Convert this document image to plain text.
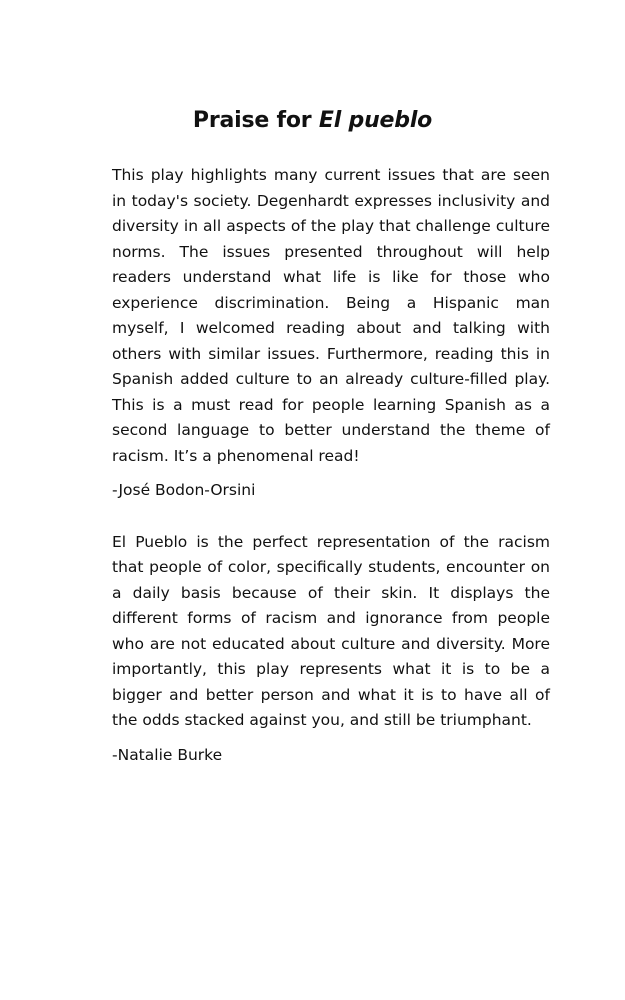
Praise for El pueblo

This play highlights many current issues that are seen in today's society. Degenhardt expresses inclusivity and diversity in all aspects of the play that challenge culture norms. The issues presented throughout will help readers understand what life is like for those who experience discrimination. Being a Hispanic man myself, I welcomed reading about and talking with others with similar issues. Furthermore, reading this in Spanish added culture to an already culture-filled play. This is a must read for people learning Spanish as a second language to better understand the theme of racism. It’s a phenomenal read!

-José Bodon-Orsini

El Pueblo is the perfect representation of the racism that people of color, specifically students, encounter on a daily basis because of their skin. It displays the different forms of racism and ignorance from people who are not educated about culture and diversity. More importantly, this play represents what it is to be a bigger and better person and what it is to have all of the odds stacked against you, and still be triumphant.

-Natalie Burke
